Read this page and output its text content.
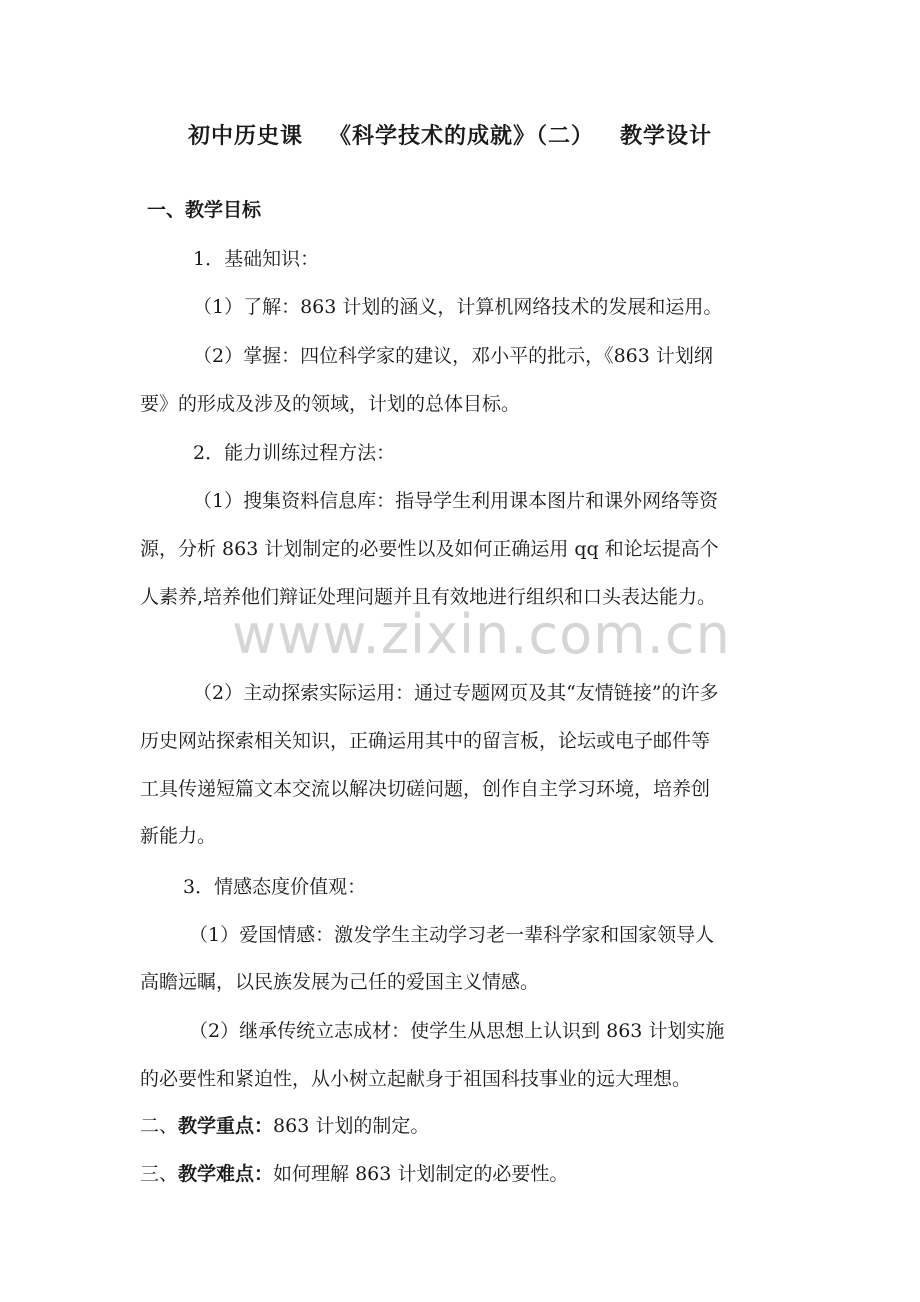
初中历史课 《科学技术的成就》（二） 教学设计
一、教学目标
1．基础知识：
（1）了解：863 计划的涵义，计算机网络技术的发展和运用。
（2）掌握：四位科学家的建议，邓小平的批示，《863 计划纲
要》的形成及涉及的领域，计划的总体目标。
2．能力训练过程方法：
（1）搜集资料信息库：指导学生利用课本图片和课外网络等资
源，分析 863 计划制定的必要性以及如何正确运用 qq 和论坛提高个
人素养,培养他们辩证处理问题并且有效地进行组织和口头表达能力。
www.zixin.com.cn
（2）主动探索实际运用：通过专题网页及其“友情链接”的许多
历史网站探索相关知识，正确运用其中的留言板，论坛或电子邮件等
工具传递短篇文本交流以解决切磋问题，创作自主学习环境，培养创
新能力。
3．情感态度价值观：
（1）爱国情感：激发学生主动学习老一辈科学家和国家领导人
高瞻远瞩，以民族发展为己任的爱国主义情感。
（2）继承传统立志成材：使学生从思想上认识到 863 计划实施
的必要性和紧迫性，从小树立起献身于祖国科技事业的远大理想。
二、教学重点：863 计划的制定。
三、教学难点：如何理解 863 计划制定的必要性。
